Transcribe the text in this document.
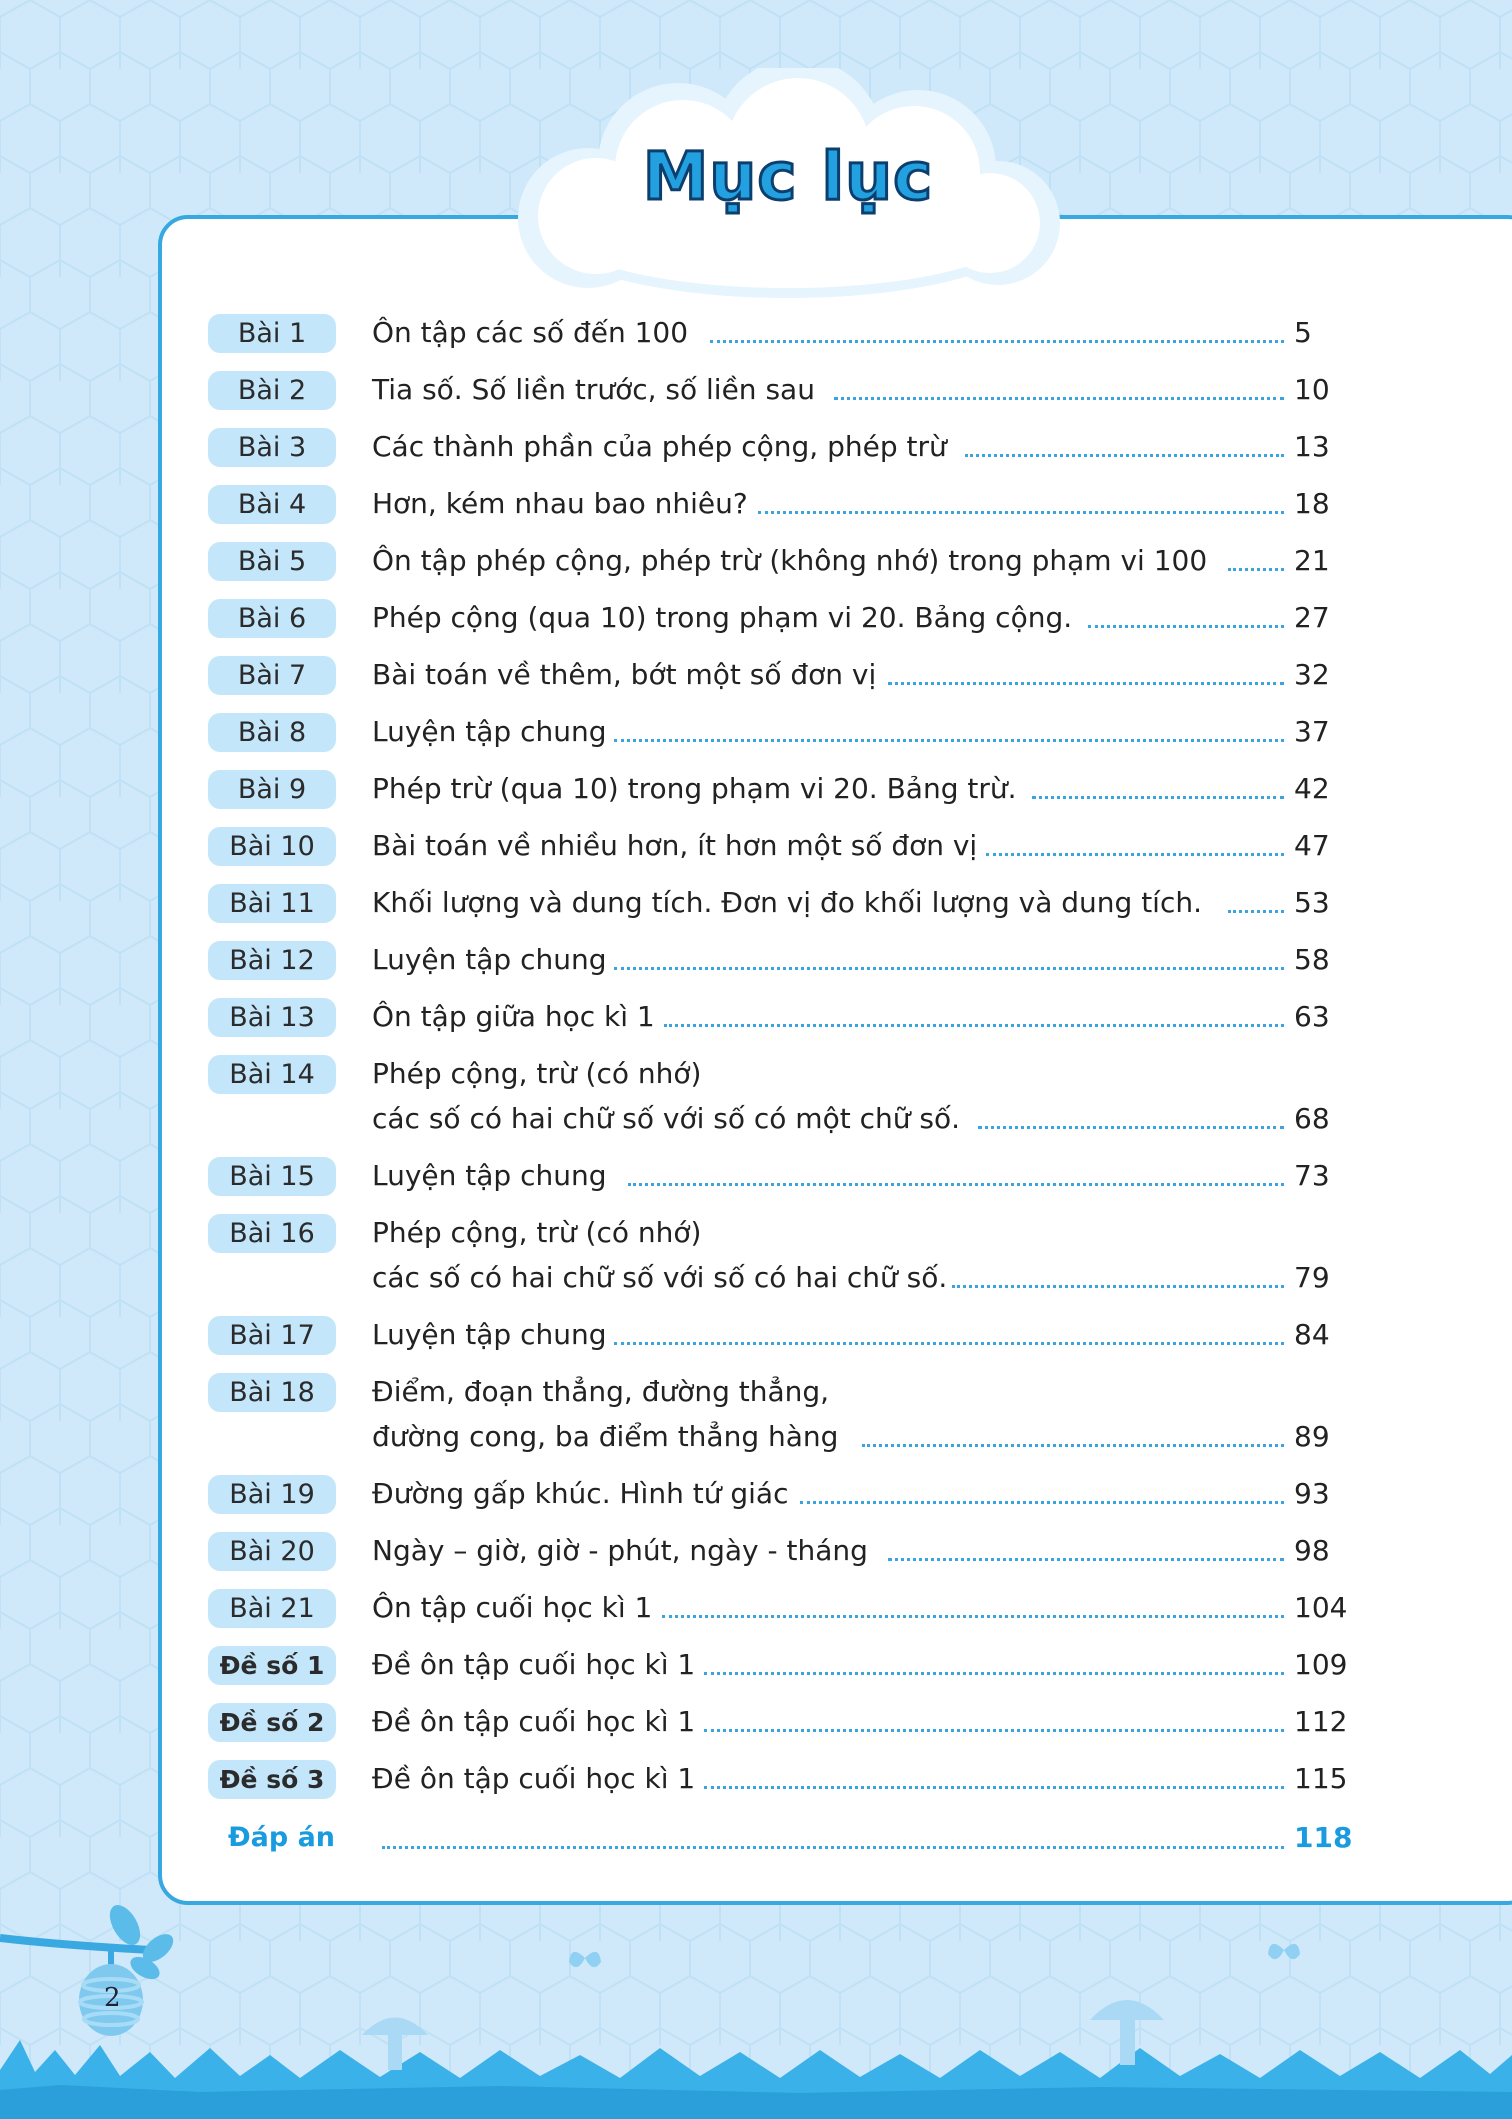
Mục lục
Bài 1	Ôn tập các số đến 100	5
Bài 2	Tia số. Số liền trước, số liền sau	10
Bài 3	Các thành phần của phép cộng, phép trừ	13
Bài 4	Hơn, kém nhau bao nhiêu?	18
Bài 5	Ôn tập phép cộng, phép trừ (không nhớ) trong phạm vi 100	21
Bài 6	Phép cộng (qua 10) trong phạm vi 20. Bảng cộng.	27
Bài 7	Bài toán về thêm, bớt một số đơn vị	32
Bài 8	Luyện tập chung	37
Bài 9	Phép trừ (qua 10) trong phạm vi 20. Bảng trừ.	42
Bài 10	Bài toán về nhiều hơn, ít hơn một số đơn vị	47
Bài 11	Khối lượng và dung tích. Đơn vị đo khối lượng và dung tích.	53
Bài 12	Luyện tập chung	58
Bài 13	Ôn tập giữa học kì 1	63
Bài 14	Phép cộng, trừ (có nhớ)
các số có hai chữ số với số có một chữ số.	68
Bài 15	Luyện tập chung	73
Bài 16	Phép cộng, trừ (có nhớ)
các số có hai chữ số với số có hai chữ số.	79
Bài 17	Luyện tập chung	84
Bài 18	Điểm, đoạn thẳng, đường thẳng,
đường cong, ba điểm thẳng hàng	89
Bài 19	Đường gấp khúc. Hình tứ giác	93
Bài 20	Ngày – giờ, giờ - phút, ngày - tháng	98
Bài 21	Ôn tập cuối học kì 1	104
Đề số 1	Đề ôn tập cuối học kì 1	109
Đề số 2	Đề ôn tập cuối học kì 1	112
Đề số 3	Đề ôn tập cuối học kì 1	115
Đáp án	118
2
